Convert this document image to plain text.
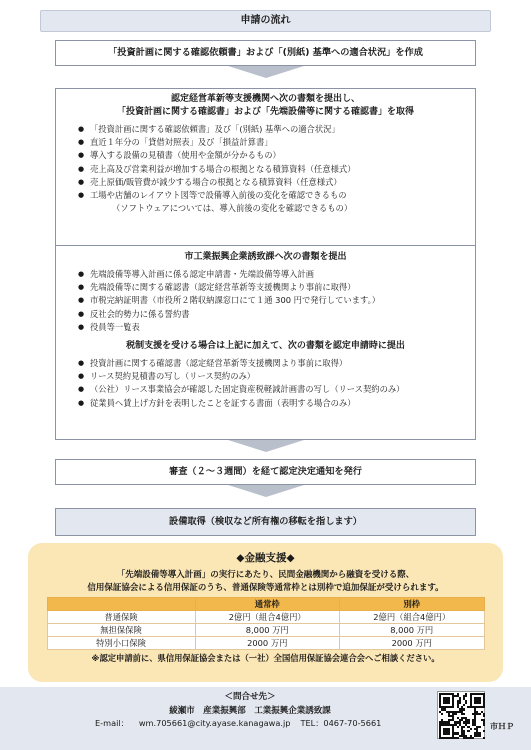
申請の流れ
「投資計画に関する確認依頼書」および「(別紙) 基準への適合状況」を作成
認定経営革新等支援機関へ次の書類を提出し、
「投資計画に関する確認書」および「先端設備等に関する確認書」を取得
● 「投資計画に関する確認依頼書」及び「(別紙) 基準への適合状況」
● 直近１年分の「貸借対照表」及び「損益計算書」
● 導入する設備の見積書（使用や金額が分かるもの）
● 売上高及び営業利益が増加する場合の根拠となる積算資料（任意様式）
● 売上原価/販管費が減少する場合の根拠となる積算資料（任意様式）
● 工場や店舗のレイアウト図等で設備導入前後の変化を確認できるもの
（ソフトウェアについては、導入前後の変化を確認できるもの）
市工業振興企業誘致課へ次の書類を提出
● 先端設備等導入計画に係る認定申請書・先端設備等導入計画
● 先端設備等に関する確認書（認定経営革新等支援機関より事前に取得）
● 市税完納証明書（市役所２階収納課窓口にて１通 300 円で発行しています。）
● 反社会的勢力に係る誓約書
● 役員等一覧表
税制支援を受ける場合は上記に加えて、次の書類を認定申請時に提出
● 投資計画に関する確認書（認定経営革新等支援機関より事前に取得）
● リース契約見積書の写し（リース契約のみ）
● （公社）リース事業協会が確認した固定資産税軽減計画書の写し（リース契約のみ）
● 従業員へ賃上げ方針を表明したことを証する書面（表明する場合のみ）
審査（２～３週間）を経て認定決定通知を発行
設備取得（検収など所有権の移転を指します）
◆金融支援◆
「先端設備等導入計画」の実行にあたり、民間金融機関から融資を受ける際、
信用保証協会による信用保証のうち、普通保険等通常枠とは別枠で追加保証が受けられます。
	通常枠	別枠
普通保険	2億円（組合4億円）	2億円（組合4億円）
無担保保険	8,000 万円	8,000 万円
特別小口保険	2000 万円	2000 万円
※認定申請前に、県信用保証協会または（一社）全国信用保証協会連合会へご相談ください。
＜問合せ先＞
綾瀬市　産業振興部　工業振興企業誘致課
E-mail： wm.705661@city.ayase.kanagawa.jp TEL：0467-70-5661	市ＨＰ
